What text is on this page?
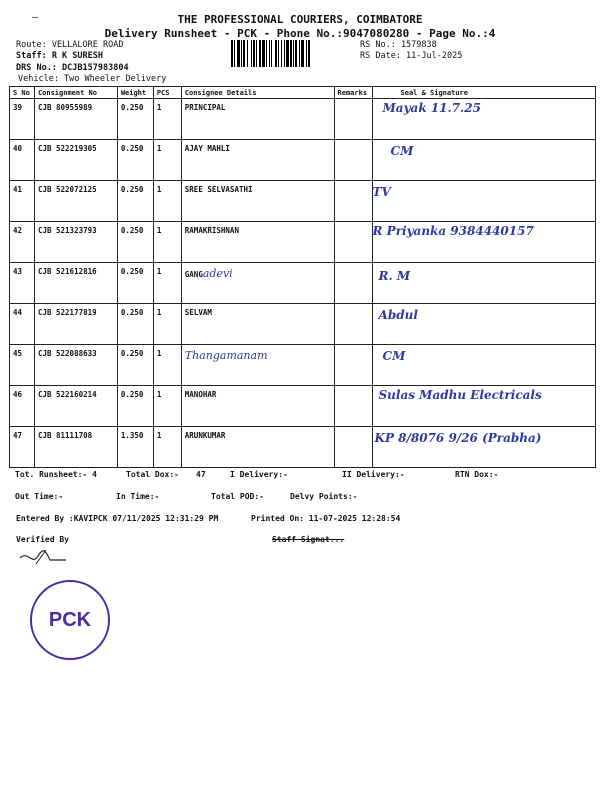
—	THE PROFESSIONAL COURIERS, COIMBATORE
Delivery Runsheet - PCK - Phone No.:9047080280 - Page No.:4
Route: VELLALORE ROAD
Staff: R K SURESH
DRS No.: DCJB157983804
Vehicle: Two Wheeler Delivery
RS No.: 1579838
RS Date: 11-Jul-2025
S No	Consignment No	Weight	PCS	Consignee Details	Remarks	Seal & Signature
39	CJB 80955989	0.250	1	PRINCIPAL		Mayak 11.7.25

40	CJB 522219305	0.250	1	AJAY MAHLI		CM

41	CJB 522072125	0.250	1	SREE SELVASATHI		TV

42	CJB 521323793	0.250	1	RAMAKRISHNAN		R Priyanka 9384440157

43	CJB 521612816	0.250	1	GANGadevi		R. M

44	CJB 522177819	0.250	1	SELVAM		Abdul

45	CJB 522088633	0.250	1	Thangamanam		CM

46	CJB 522160214	0.250	1	MANOHAR		Sulas Madhu Electricals

47	CJB 81111708	1.350	1	ARUNKUMAR		KP 8/8076 9/26 (Prabha)
Tot. Runsheet:- 4	Total Dox:- 47	I Delivery:-	II Delivery:-	RTN Dox:-
Out Time:-	In Time:-	Total POD:-	Delvy Points:-
Entered By :KAVIPCK 07/11/2025 12:31:29 PM	Printed On: 11-07-2025 12:28:54
Verified By	Staff Signat...
PCK
